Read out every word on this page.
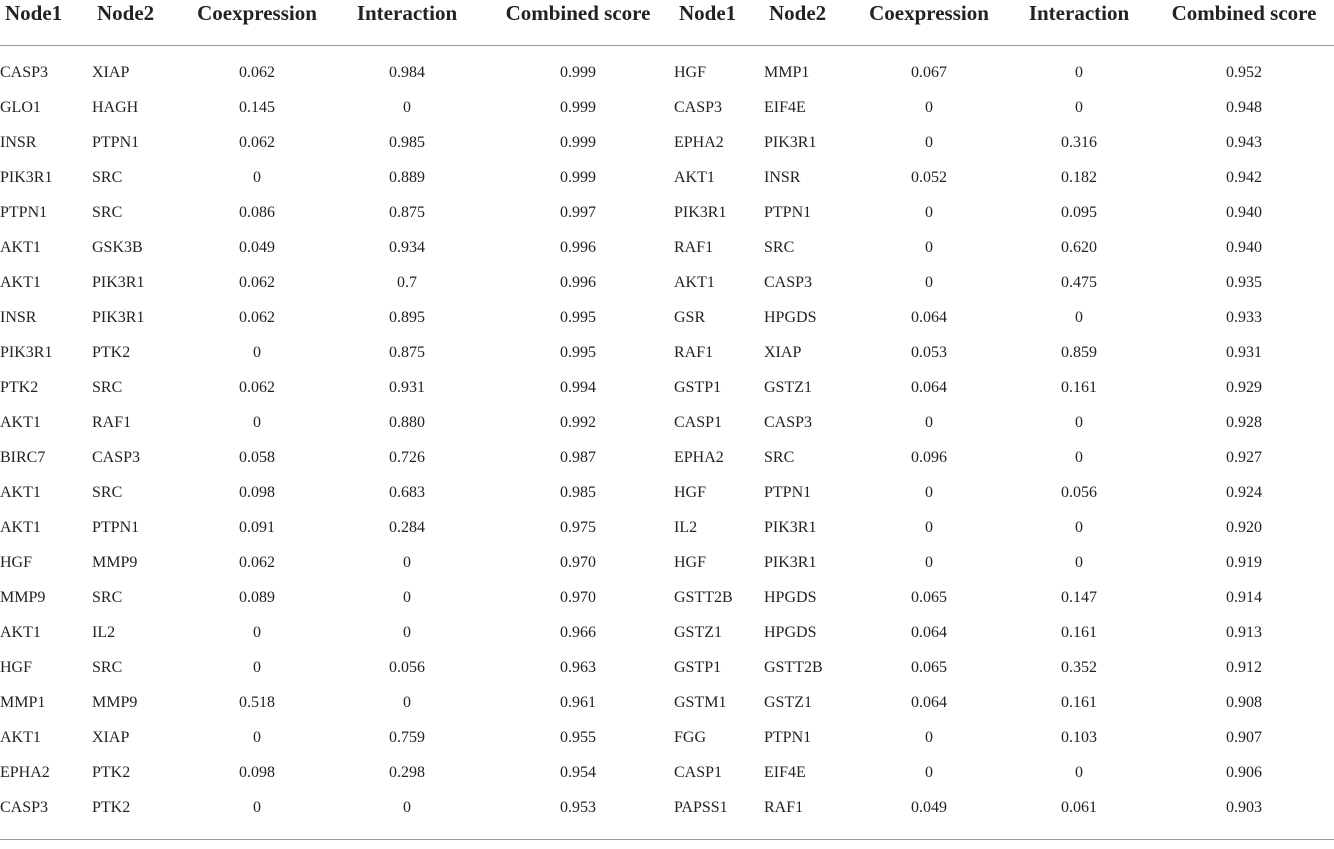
Node1	Node2	Coexpression	Interaction	Combined score	Node1	Node2	Coexpression	Interaction	Combined score

CASP3	XIAP	0.062	0.984	0.999	HGF	MMP1	0.067	0	0.952
GLO1	HAGH	0.145	0	0.999	CASP3	EIF4E	0	0	0.948
INSR	PTPN1	0.062	0.985	0.999	EPHA2	PIK3R1	0	0.316	0.943
PIK3R1	SRC	0	0.889	0.999	AKT1	INSR	0.052	0.182	0.942
PTPN1	SRC	0.086	0.875	0.997	PIK3R1	PTPN1	0	0.095	0.940
AKT1	GSK3B	0.049	0.934	0.996	RAF1	SRC	0	0.620	0.940
AKT1	PIK3R1	0.062	0.7	0.996	AKT1	CASP3	0	0.475	0.935
INSR	PIK3R1	0.062	0.895	0.995	GSR	HPGDS	0.064	0	0.933
PIK3R1	PTK2	0	0.875	0.995	RAF1	XIAP	0.053	0.859	0.931
PTK2	SRC	0.062	0.931	0.994	GSTP1	GSTZ1	0.064	0.161	0.929
AKT1	RAF1	0	0.880	0.992	CASP1	CASP3	0	0	0.928
BIRC7	CASP3	0.058	0.726	0.987	EPHA2	SRC	0.096	0	0.927
AKT1	SRC	0.098	0.683	0.985	HGF	PTPN1	0	0.056	0.924
AKT1	PTPN1	0.091	0.284	0.975	IL2	PIK3R1	0	0	0.920
HGF	MMP9	0.062	0	0.970	HGF	PIK3R1	0	0	0.919
MMP9	SRC	0.089	0	0.970	GSTT2B	HPGDS	0.065	0.147	0.914
AKT1	IL2	0	0	0.966	GSTZ1	HPGDS	0.064	0.161	0.913
HGF	SRC	0	0.056	0.963	GSTP1	GSTT2B	0.065	0.352	0.912
MMP1	MMP9	0.518	0	0.961	GSTM1	GSTZ1	0.064	0.161	0.908
AKT1	XIAP	0	0.759	0.955	FGG	PTPN1	0	0.103	0.907
EPHA2	PTK2	0.098	0.298	0.954	CASP1	EIF4E	0	0	0.906
CASP3	PTK2	0	0	0.953	PAPSS1	RAF1	0.049	0.061	0.903
